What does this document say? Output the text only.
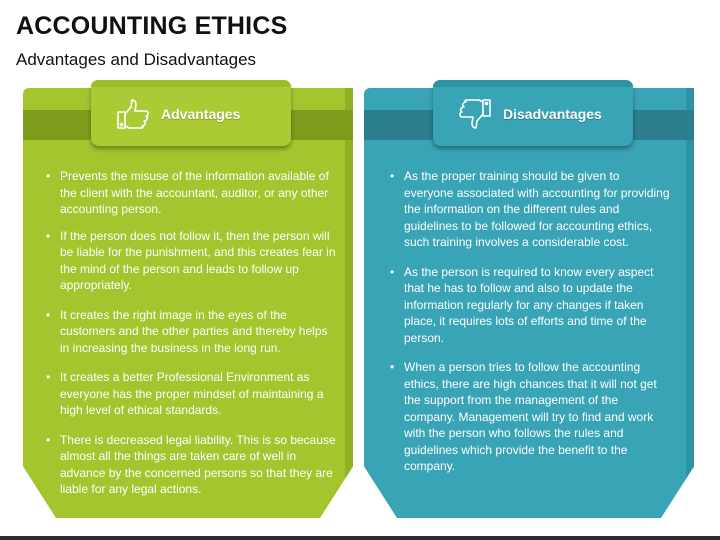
ACCOUNTING ETHICS
Advantages and Disadvantages
Advantages
• Prevents the misuse of the information available of the client with the accountant, auditor, or any other accounting person.
• If the person does not follow it, then the person will be liable for the punishment, and this creates fear in the mind of the person and leads to follow up appropriately.
• It creates the right image in the eyes of the customers and the other parties and thereby helps in increasing the business in the long run.
• It creates a better Professional Environment as everyone has the proper mindset of maintaining a high level of ethical standards.
• There is decreased legal liability. This is so because almost all the things are taken care of well in advance by the concerned persons so that they are liable for any legal actions.
Disadvantages
• As the proper training should be given to everyone associated with accounting for providing the information on the different rules and guidelines to be followed for accounting ethics, such training involves a considerable cost.
• As the person is required to know every aspect that he has to follow and also to update the information regularly for any changes if taken place, it requires lots of efforts and time of the person.
• When a person tries to follow the accounting ethics, there are high chances that it will not get the support from the management of the company. Management will try to find and work with the person who follows the rules and guidelines which provide the benefit to the company.
